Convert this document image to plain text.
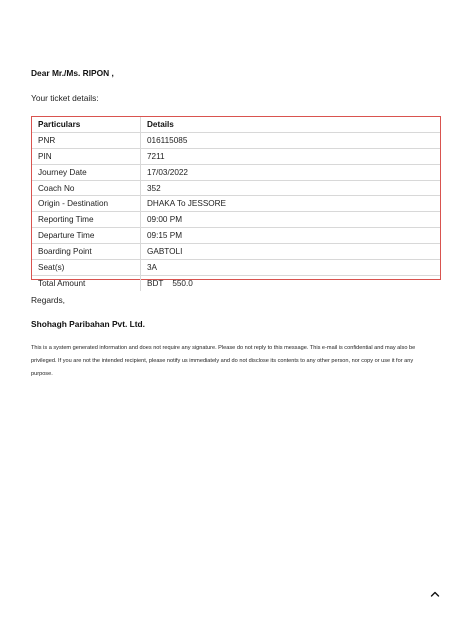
Dear Mr./Ms. RIPON ,
Your ticket details:
Particulars	Details
PNR	016115085
PIN	7211
Journey Date	17/03/2022
Coach No	352
Origin - Destination	DHAKA To JESSORE
Reporting Time	09:00 PM
Departure Time	09:15 PM
Boarding Point	GABTOLI
Seat(s)	3A
Total Amount	BDT    550.0
Regards,
Shohagh Paribahan Pvt. Ltd.
This is a system generated information and does not require any signature. Please do not reply to this message. This e-mail is confidential and may also be privileged. If you are not the intended recipient, please notify us immediately and do not disclose its contents to any other person, nor copy or use it for any purpose.
